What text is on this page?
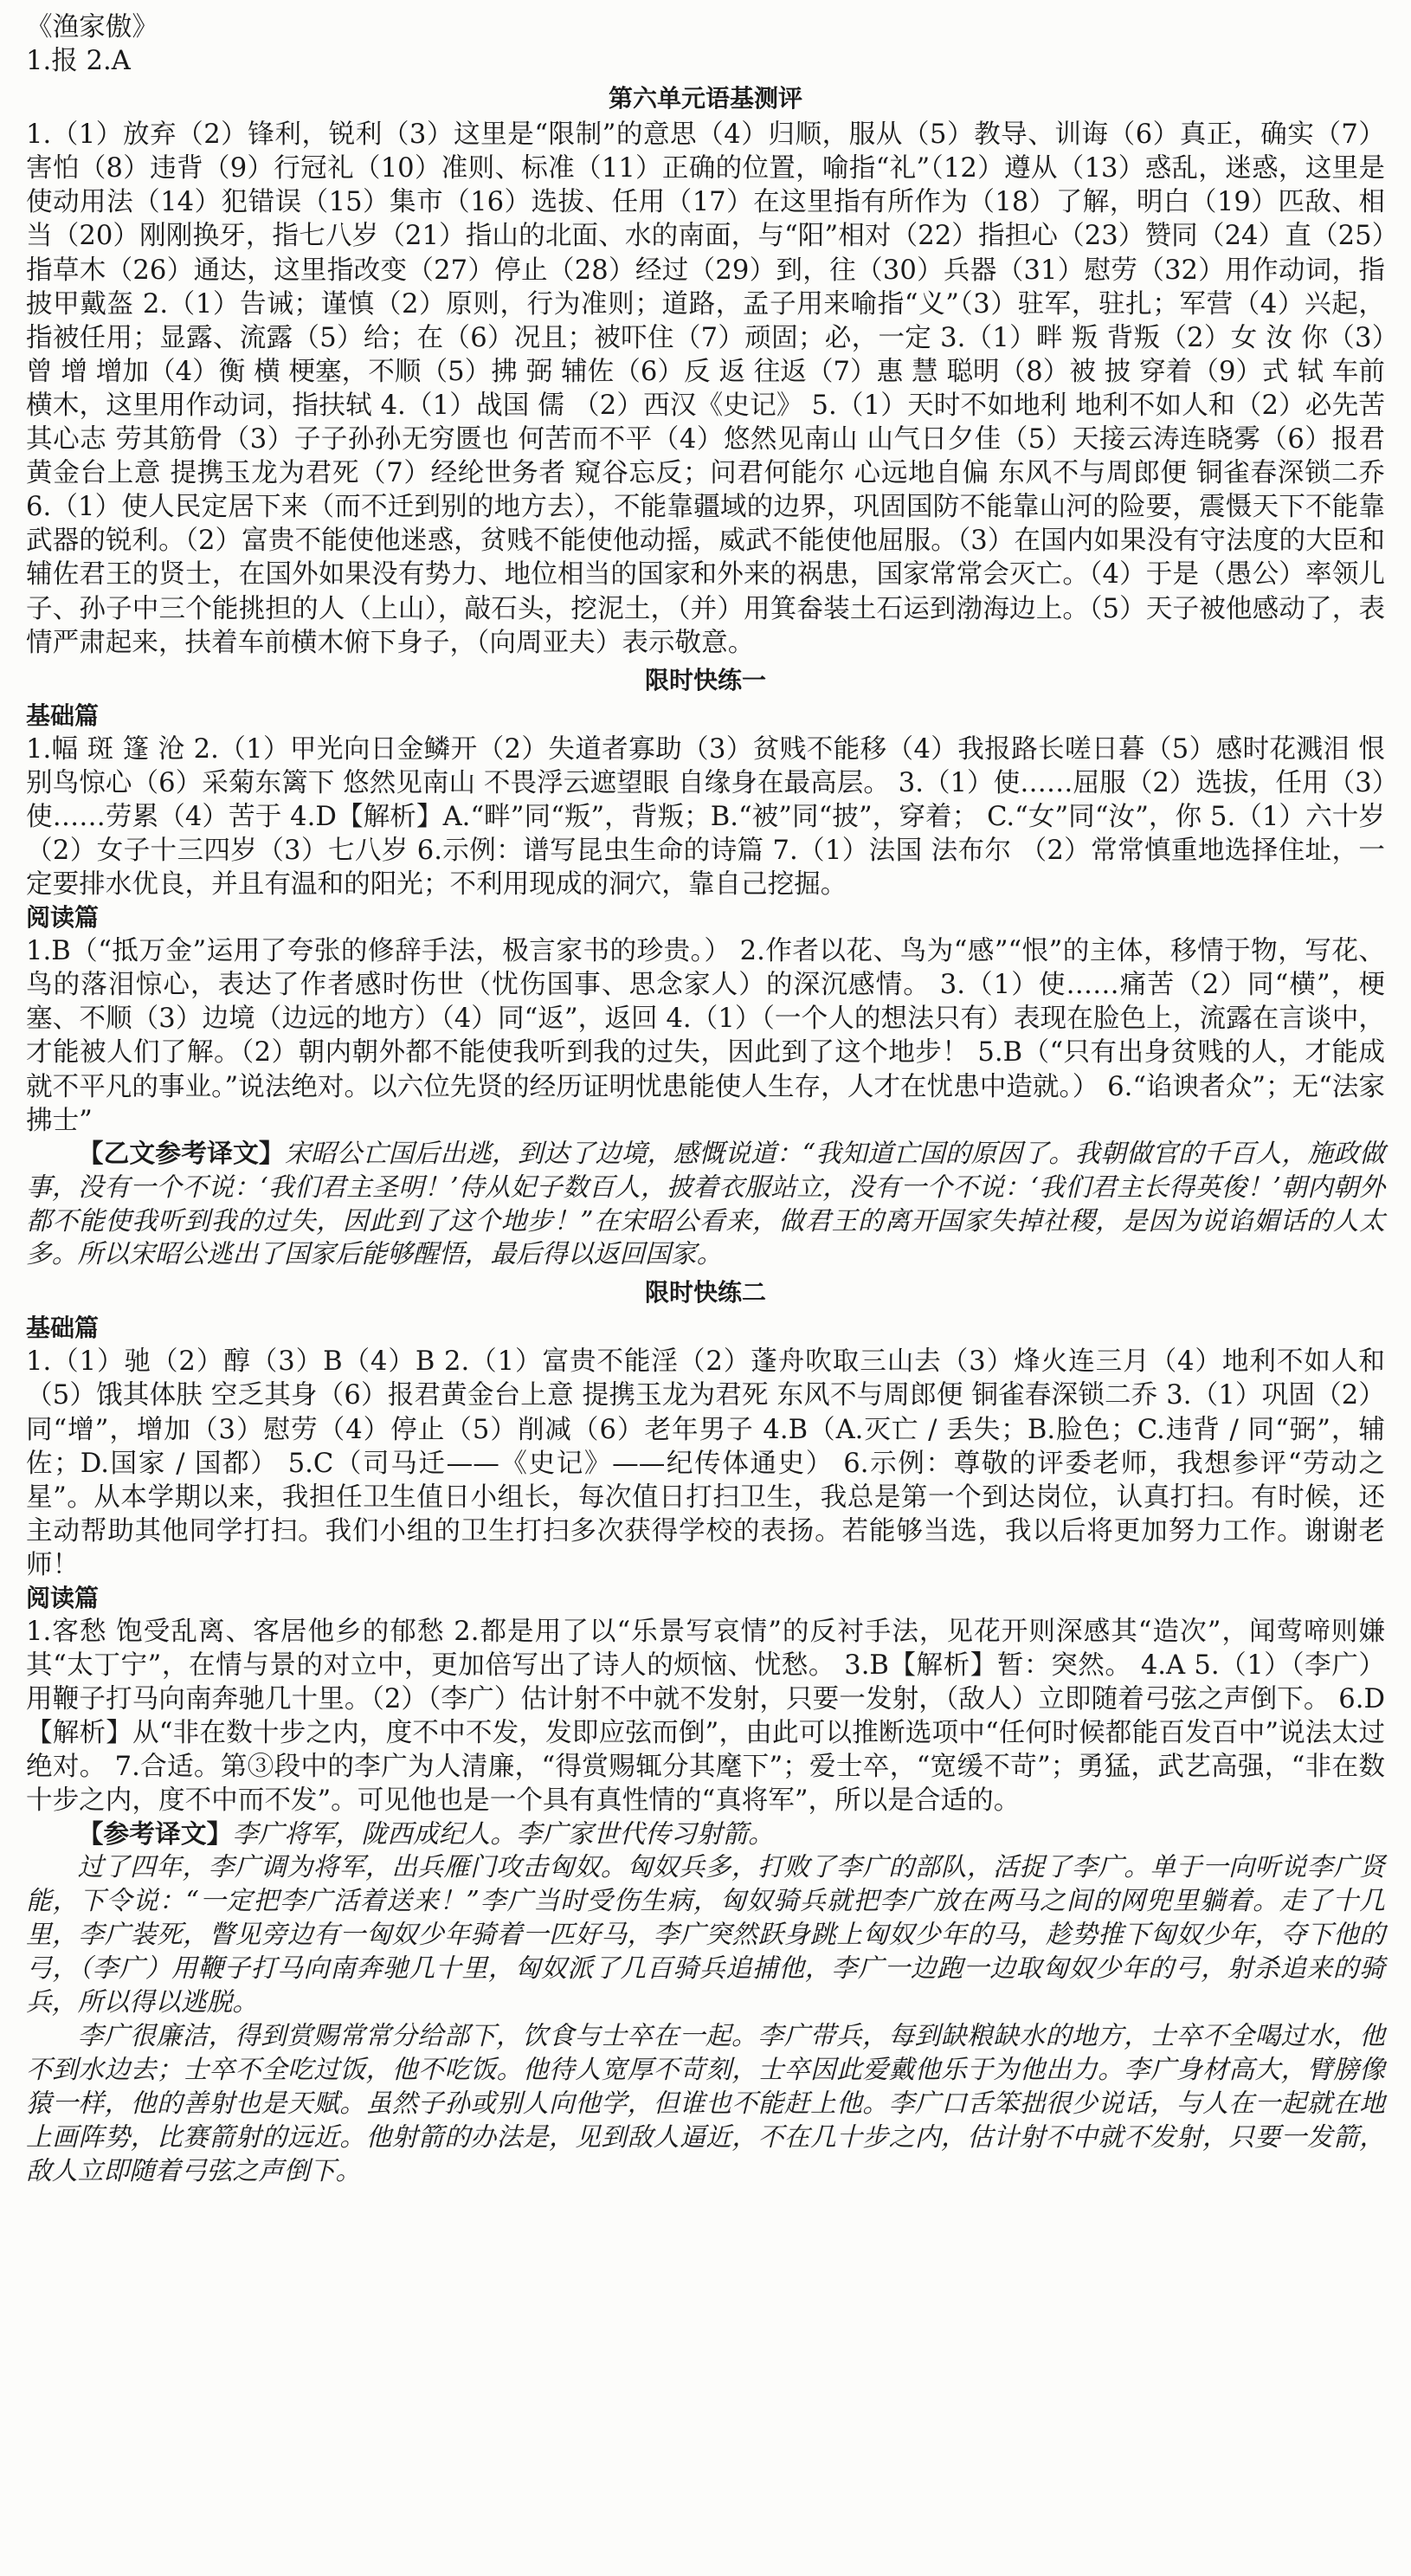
《渔家傲》

1.报 2.A

第六单元语基测评

1.（1）放弃（2）锋利，锐利（3）这里是“限制”的意思（4）归顺，服从（5）教导、训诲（6）真正，确实（7）害怕（8）违背（9）行冠礼（10）准则、标准（11）正确的位置，喻指“礼”（12）遵从（13）惑乱，迷惑，这里是使动用法（14）犯错误（15）集市（16）选拔、任用（17）在这里指有所作为（18）了解，明白（19）匹敌、相当（20）刚刚换牙，指七八岁（21）指山的北面、水的南面，与“阳”相对（22）指担心（23）赞同（24）直（25）指草木（26）通达，这里指改变（27）停止（28）经过（29）到，往（30）兵器（31）慰劳（32）用作动词，指披甲戴盔 2.（1）告诫；谨慎（2）原则，行为准则；道路，孟子用来喻指“义”（3）驻军，驻扎；军营（4）兴起，指被任用；显露、流露（5）给；在（6）况且；被吓住（7）顽固；必，一定 3.（1）畔 叛 背叛（2）女 汝 你（3）曾 增 增加（4）衡 横 梗塞，不顺（5）拂 弼 辅佐（6）反 返 往返（7）惠 慧 聪明（8）被 披 穿着（9）式 轼 车前横木，这里用作动词，指扶轼 4.（1）战国 儒 （2）西汉《史记》 5.（1）天时不如地利 地利不如人和（2）必先苦其心志 劳其筋骨（3）子子孙孙无穷匮也 何苦而不平（4）悠然见南山 山气日夕佳（5）天接云涛连晓雾（6）报君黄金台上意 提携玉龙为君死（7）经纶世务者 窥谷忘反；问君何能尔 心远地自偏 东风不与周郎便 铜雀春深锁二乔 6.（1）使人民定居下来（而不迁到别的地方去），不能靠疆域的边界，巩固国防不能靠山河的险要，震慑天下不能靠武器的锐利。（2）富贵不能使他迷惑，贫贱不能使他动摇，威武不能使他屈服。（3）在国内如果没有守法度的大臣和辅佐君王的贤士，在国外如果没有势力、地位相当的国家和外来的祸患，国家常常会灭亡。（4）于是（愚公）率领儿子、孙子中三个能挑担的人（上山），敲石头，挖泥土，（并）用箕畚装土石运到渤海边上。（5）天子被他感动了，表情严肃起来，扶着车前横木俯下身子，（向周亚夫）表示敬意。

限时快练一
基础篇

1.幅 斑 篷 沧 2.（1）甲光向日金鳞开（2）失道者寡助（3）贫贱不能移（4）我报路长嗟日暮（5）感时花溅泪 恨别鸟惊心（6）采菊东篱下 悠然见南山 不畏浮云遮望眼 自缘身在最高层。 3.（1）使……屈服（2）选拔，任用（3）使……劳累（4）苦于 4.D【解析】A.“畔”同“叛”，背叛；B.“被”同“披”，穿着； C.“女”同“汝”，你 5.（1）六十岁 （2）女子十三四岁（3）七八岁 6.示例：谱写昆虫生命的诗篇 7.（1）法国 法布尔 （2）常常慎重地选择住址，一定要排水优良，并且有温和的阳光；不利用现成的洞穴，靠自己挖掘。

阅读篇

1.B（“抵万金”运用了夸张的修辞手法，极言家书的珍贵。） 2.作者以花、鸟为“感”“恨”的主体，移情于物，写花、鸟的落泪惊心，表达了作者感时伤世（忧伤国事、思念家人）的深沉感情。 3.（1）使……痛苦（2）同“横”，梗塞、不顺（3）边境（边远的地方）（4）同“返”，返回 4.（1）（一个人的想法只有）表现在脸色上，流露在言谈中，才能被人们了解。（2）朝内朝外都不能使我听到我的过失，因此到了这个地步！ 5.B（“只有出身贫贱的人，才能成就不平凡的事业。”说法绝对。以六位先贤的经历证明忧患能使人生存，人才在忧患中造就。） 6.“谄谀者众”；无“法家拂士”

【乙文参考译文】宋昭公亡国后出逃，到达了边境，感慨说道：“我知道亡国的原因了。我朝做官的千百人，施政做事，没有一个不说：‘我们君主圣明！’侍从妃子数百人，披着衣服站立，没有一个不说：‘我们君主长得英俊！’朝内朝外都不能使我听到我的过失，因此到了这个地步！”在宋昭公看来，做君王的离开国家失掉社稷，是因为说谄媚话的人太多。所以宋昭公逃出了国家后能够醒悟，最后得以返回国家。

限时快练二
基础篇

1.（1）驰（2）醇（3）B（4）B 2.（1）富贵不能淫（2）蓬舟吹取三山去（3）烽火连三月（4）地利不如人和（5）饿其体肤 空乏其身（6）报君黄金台上意 提携玉龙为君死 东风不与周郎便 铜雀春深锁二乔 3.（1）巩固（2）同“增”，增加（3）慰劳（4）停止（5）削减（6）老年男子 4.B（A.灭亡 / 丢失；B.脸色；C.违背 / 同“弼”，辅佐；D.国家 / 国都） 5.C（司马迁——《史记》——纪传体通史） 6.示例：尊敬的评委老师，我想参评“劳动之星”。从本学期以来，我担任卫生值日小组长，每次值日打扫卫生，我总是第一个到达岗位，认真打扫。有时候，还主动帮助其他同学打扫。我们小组的卫生打扫多次获得学校的表扬。若能够当选，我以后将更加努力工作。谢谢老师！

阅读篇

1.客愁 饱受乱离、客居他乡的郁愁 2.都是用了以“乐景写哀情”的反衬手法，见花开则深感其“造次”，闻莺啼则嫌其“太丁宁”，在情与景的对立中，更加倍写出了诗人的烦恼、忧愁。 3.B【解析】暂：突然。 4.A 5.（1）（李广）用鞭子打马向南奔驰几十里。（2）（李广）估计射不中就不发射，只要一发射，（敌人）立即随着弓弦之声倒下。 6.D【解析】从“非在数十步之内，度不中不发，发即应弦而倒”，由此可以推断选项中“任何时候都能百发百中”说法太过绝对。 7.合适。第③段中的李广为人清廉，“得赏赐辄分其麾下”；爱士卒，“宽缓不苛”；勇猛，武艺高强，“非在数十步之内，度不中而不发”。可见他也是一个具有真性情的“真将军”，所以是合适的。

【参考译文】李广将军，陇西成纪人。李广家世代传习射箭。

过了四年，李广调为将军，出兵雁门攻击匈奴。匈奴兵多，打败了李广的部队，活捉了李广。单于一向听说李广贤能，下令说：“一定把李广活着送来！”李广当时受伤生病，匈奴骑兵就把李广放在两马之间的网兜里躺着。走了十几里，李广装死，瞥见旁边有一匈奴少年骑着一匹好马，李广突然跃身跳上匈奴少年的马，趁势推下匈奴少年，夺下他的弓，（李广）用鞭子打马向南奔驰几十里，匈奴派了几百骑兵追捕他，李广一边跑一边取匈奴少年的弓，射杀追来的骑兵，所以得以逃脱。

李广很廉洁，得到赏赐常常分给部下，饮食与士卒在一起。李广带兵，每到缺粮缺水的地方，士卒不全喝过水，他不到水边去；士卒不全吃过饭，他不吃饭。他待人宽厚不苛刻，士卒因此爱戴他乐于为他出力。李广身材高大，臂膀像猿一样，他的善射也是天赋。虽然子孙或别人向他学，但谁也不能赶上他。李广口舌笨拙很少说话，与人在一起就在地上画阵势，比赛箭射的远近。他射箭的办法是，见到敌人逼近，不在几十步之内，估计射不中就不发射，只要一发箭，敌人立即随着弓弦之声倒下。
